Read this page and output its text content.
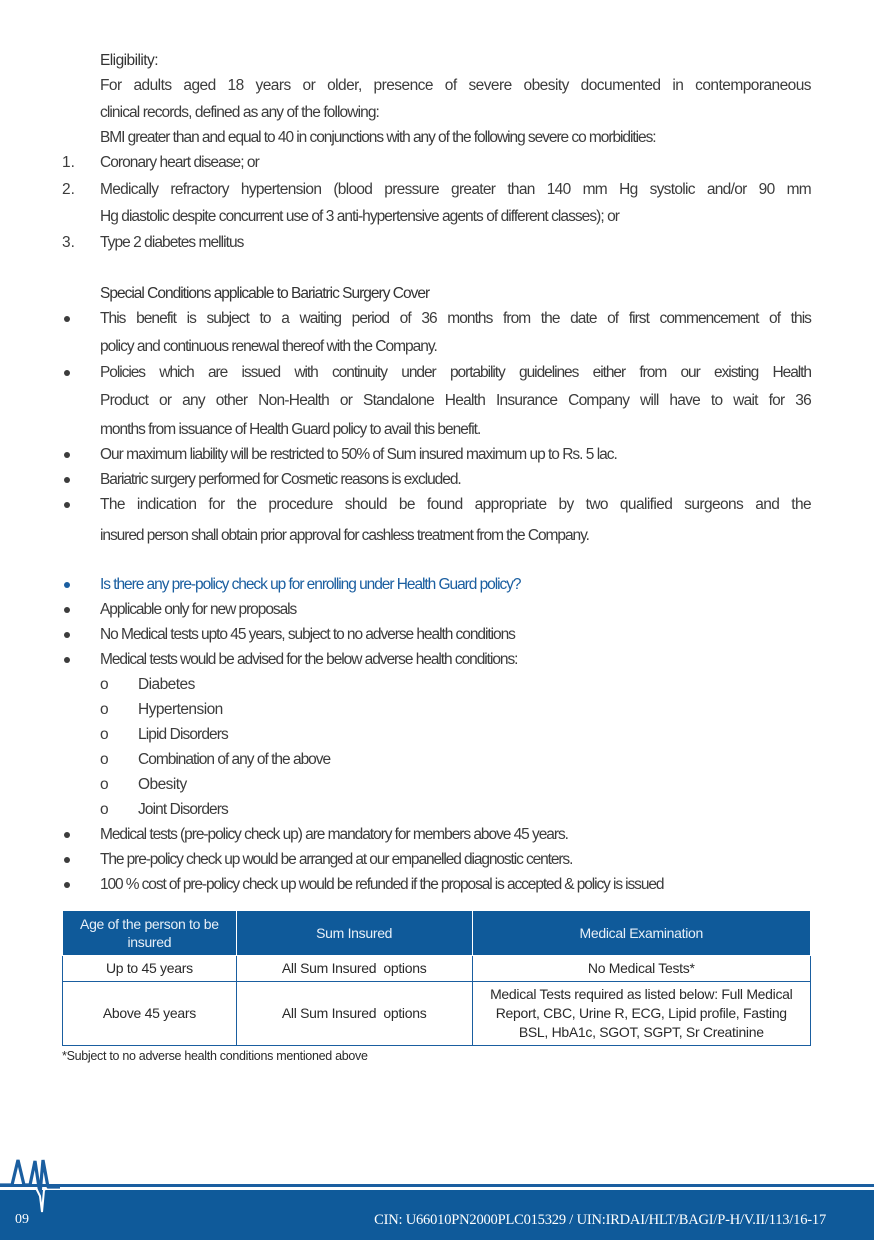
Eligibility:
For adults aged 18 years or older, presence of severe obesity documented in contemporaneous
clinical records, defined as any of the following:
BMI greater than and equal to 40 in conjunctions with any of the following severe co morbidities:
1. Coronary heart disease; or
2. Medically refractory hypertension (blood pressure greater than 140 mm Hg systolic and/or 90 mm
Hg diastolic despite concurrent use of 3 anti-hypertensive agents of different classes); or
3. Type 2 diabetes mellitus
Special Conditions applicable to Bariatric Surgery Cover
This benefit is subject to a waiting period of 36 months from the date of first commencement of this
policy and continuous renewal thereof with the Company.
Policies which are issued with continuity under portability guidelines either from our existing Health
Product or any other Non-Health or Standalone Health Insurance Company will have to wait for 36
months from issuance of Health Guard policy to avail this benefit.
Our maximum liability will be restricted to 50% of Sum insured maximum up to Rs. 5 lac.
Bariatric surgery performed for Cosmetic reasons is excluded.
The indication for the procedure should be found appropriate by two qualified surgeons and the
insured person shall obtain prior approval for cashless treatment from the Company.
Is there any pre-policy check up for enrolling under Health Guard policy?
Applicable only for new proposals
No Medical tests upto 45 years, subject to no adverse health conditions
Medical tests would be advised for the below adverse health conditions:
o Diabetes
o Hypertension
o Lipid Disorders
o Combination of any of the above
o Obesity
o Joint Disorders
Medical tests (pre-policy check up) are mandatory for members above 45 years.
The pre-policy check up would be arranged at our empanelled diagnostic centers.
100 % cost of pre-policy check up would be refunded if the proposal is accepted & policy is issued
Age of the person to be insured	Sum Insured	Medical Examination
Up to 45 years	All Sum Insured  options	No Medical Tests*
Above 45 years	All Sum Insured  options	Medical Tests required as listed below: Full Medical Report, CBC, Urine R, ECG, Lipid profile, Fasting BSL, HbA1c, SGOT, SGPT, Sr Creatinine
*Subject to no adverse health conditions mentioned above
09	CIN: U66010PN2000PLC015329 / UIN:IRDAI/HLT/BAGI/P-H/V.II/113/16-17
